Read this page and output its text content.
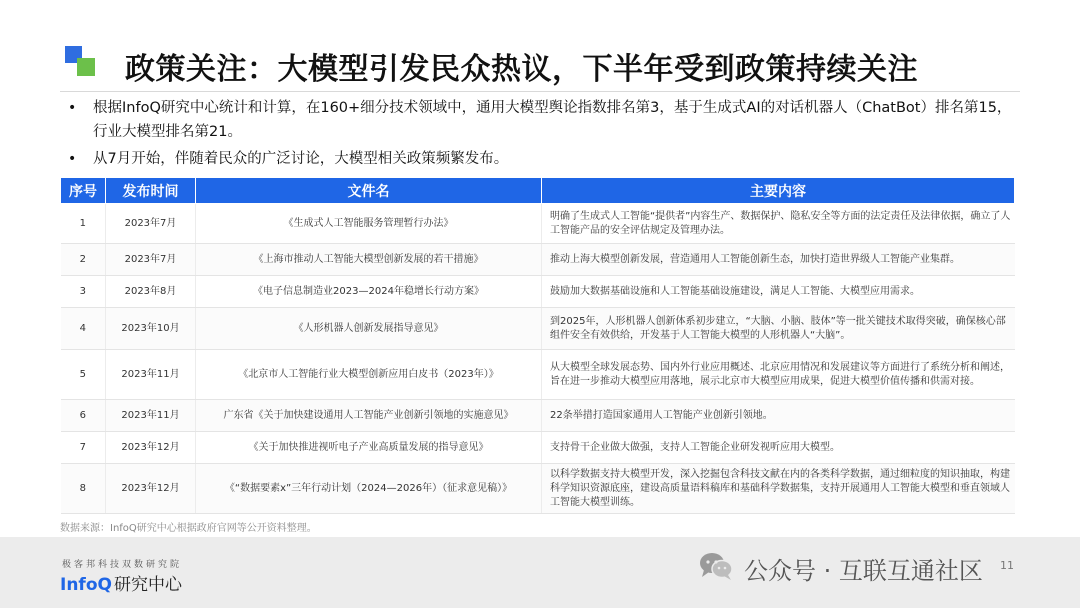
政策关注：大模型引发民众热议，下半年受到政策持续关注
• 根据InfoQ研究中心统计和计算，在160+细分技术领域中，通用大模型舆论指数排名第3，基于生成式AI的对话机器人（ChatBot）排名第15，行业大模型排名第21。
• 从7月开始，伴随着民众的广泛讨论，大模型相关政策频繁发布。
序号	发布时间	文件名	主要内容
1	2023年7月	《生成式人工智能服务管理暂行办法》	明确了生成式人工智能“提供者”内容生产、数据保护、隐私安全等方面的法定责任及法律依据，确立了人工智能产品的安全评估规定及管理办法。
2	2023年7月	《上海市推动人工智能大模型创新发展的若干措施》	推动上海大模型创新发展，营造通用人工智能创新生态，加快打造世界级人工智能产业集群。
3	2023年8月	《电子信息制造业2023—2024年稳增长行动方案》	鼓励加大数据基础设施和人工智能基础设施建设，满足人工智能、大模型应用需求。
4	2023年10月	《人形机器人创新发展指导意见》	到2025年，人形机器人创新体系初步建立，“大脑、小脑、肢体”等一批关键技术取得突破，确保核心部组件安全有效供给，开发基于人工智能大模型的人形机器人“大脑”。
5	2023年11月	《北京市人工智能行业大模型创新应用白皮书（2023年）》	从大模型全球发展态势、国内外行业应用概述、北京应用情况和发展建议等方面进行了系统分析和阐述，旨在进一步推动大模型应用落地，展示北京市大模型应用成果，促进大模型价值传播和供需对接。
6	2023年11月	广东省《关于加快建设通用人工智能产业创新引领地的实施意见》	22条举措打造国家通用人工智能产业创新引领地。
7	2023年12月	《关于加快推进视听电子产业高质量发展的指导意见》	支持骨干企业做大做强，支持人工智能企业研发视听应用大模型。
8	2023年12月	《“数据要素x”三年行动计划（2024—2026年）（征求意见稿）》	以科学数据支持大模型开发，深入挖掘包含科技文献在内的各类科学数据，通过细粒度的知识抽取，构建科学知识资源底座，建设高质量语料稿库和基础科学数据集，支持开展通用人工智能大模型和垂直领域人工智能大模型训练。
数据来源：InfoQ研究中心根据政府官网等公开资料整理。
极客邦科技双数研究院
InfoQ 研究中心	公众号 · 互联互通社区 11
